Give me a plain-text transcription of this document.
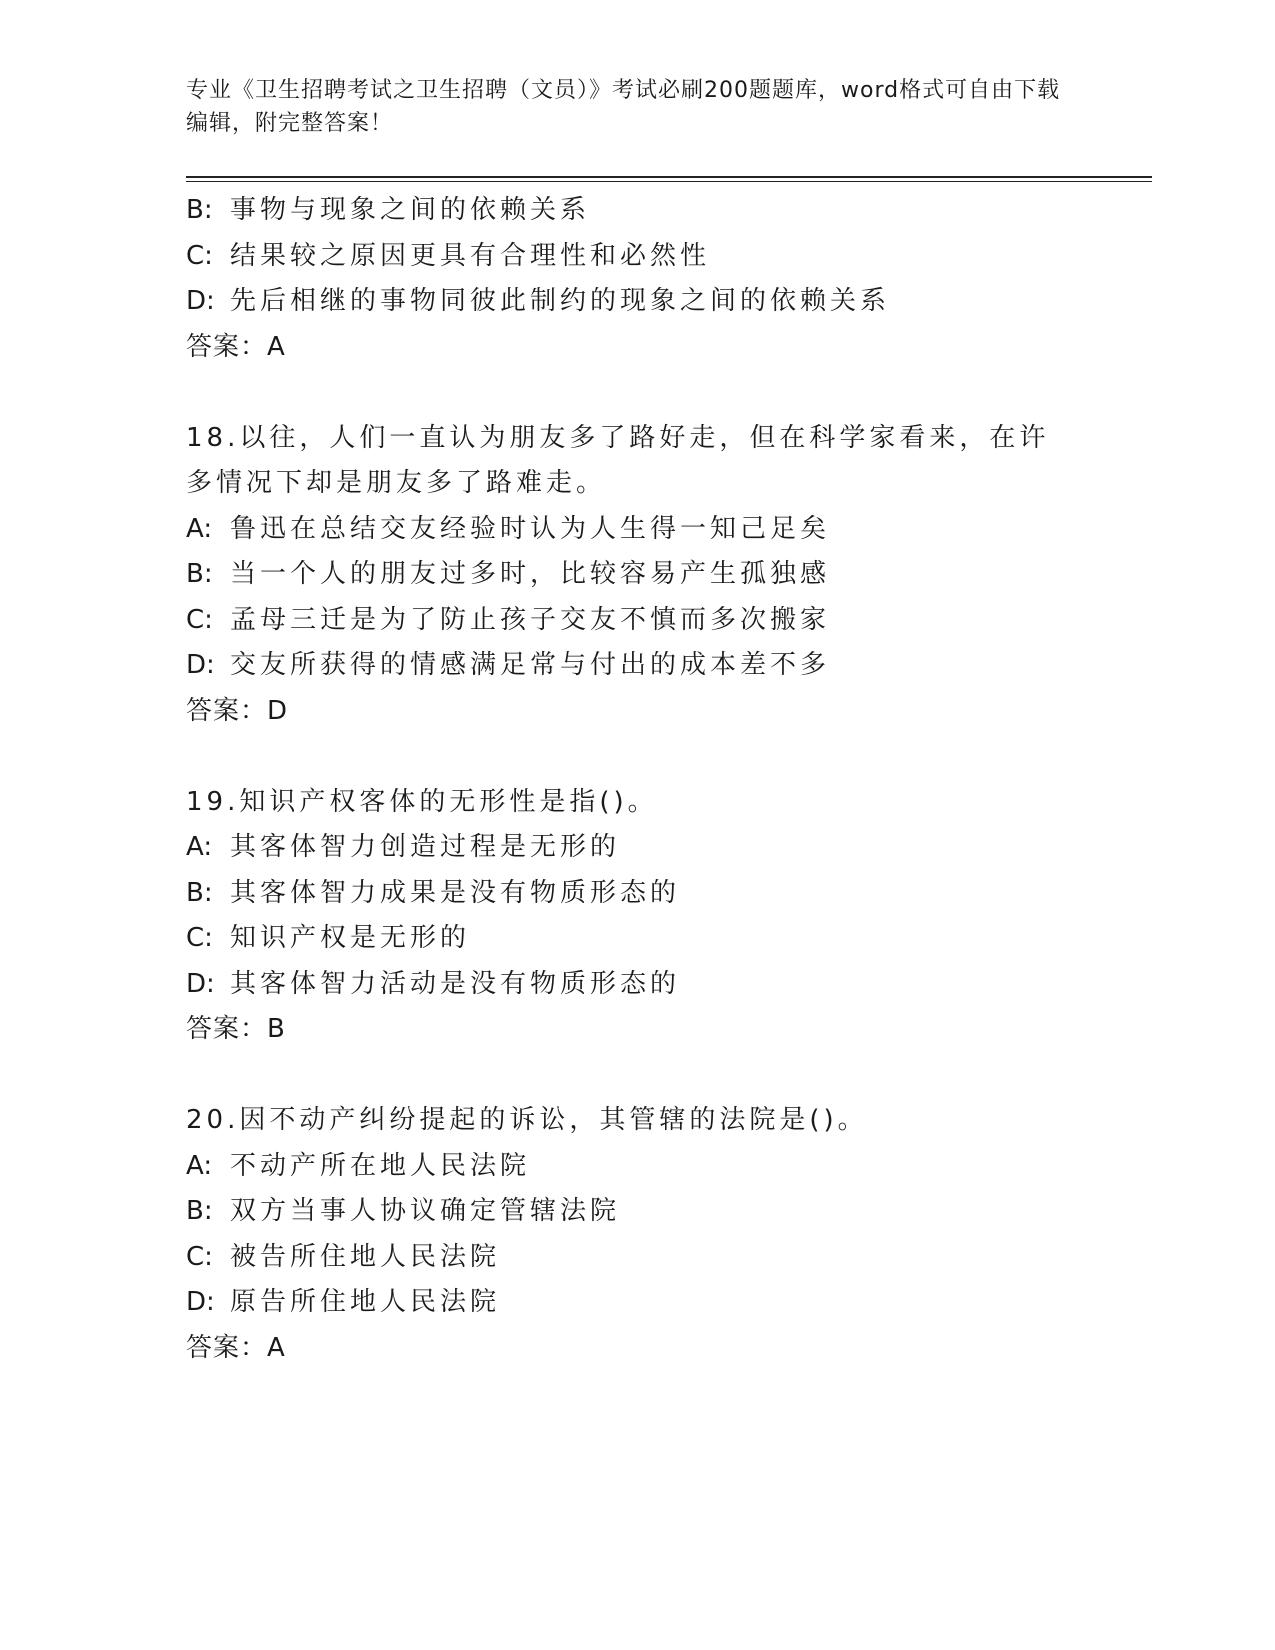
专业《卫生招聘考试之卫生招聘（文员）》考试必刷200题题库，word格式可自由下载编辑，附完整答案！
B: 事物与现象之间的依赖关系
C: 结果较之原因更具有合理性和必然性
D: 先后相继的事物同彼此制约的现象之间的依赖关系
答案：A
18.以往，人们一直认为朋友多了路好走，但在科学家看来，在许多情况下却是朋友多了路难走。
A: 鲁迅在总结交友经验时认为人生得一知己足矣
B: 当一个人的朋友过多时，比较容易产生孤独感
C: 孟母三迁是为了防止孩子交友不慎而多次搬家
D: 交友所获得的情感满足常与付出的成本差不多
答案：D
19.知识产权客体的无形性是指()。
A: 其客体智力创造过程是无形的
B: 其客体智力成果是没有物质形态的
C: 知识产权是无形的
D: 其客体智力活动是没有物质形态的
答案：B
20.因不动产纠纷提起的诉讼，其管辖的法院是()。
A: 不动产所在地人民法院
B: 双方当事人协议确定管辖法院
C: 被告所住地人民法院
D: 原告所住地人民法院
答案：A
